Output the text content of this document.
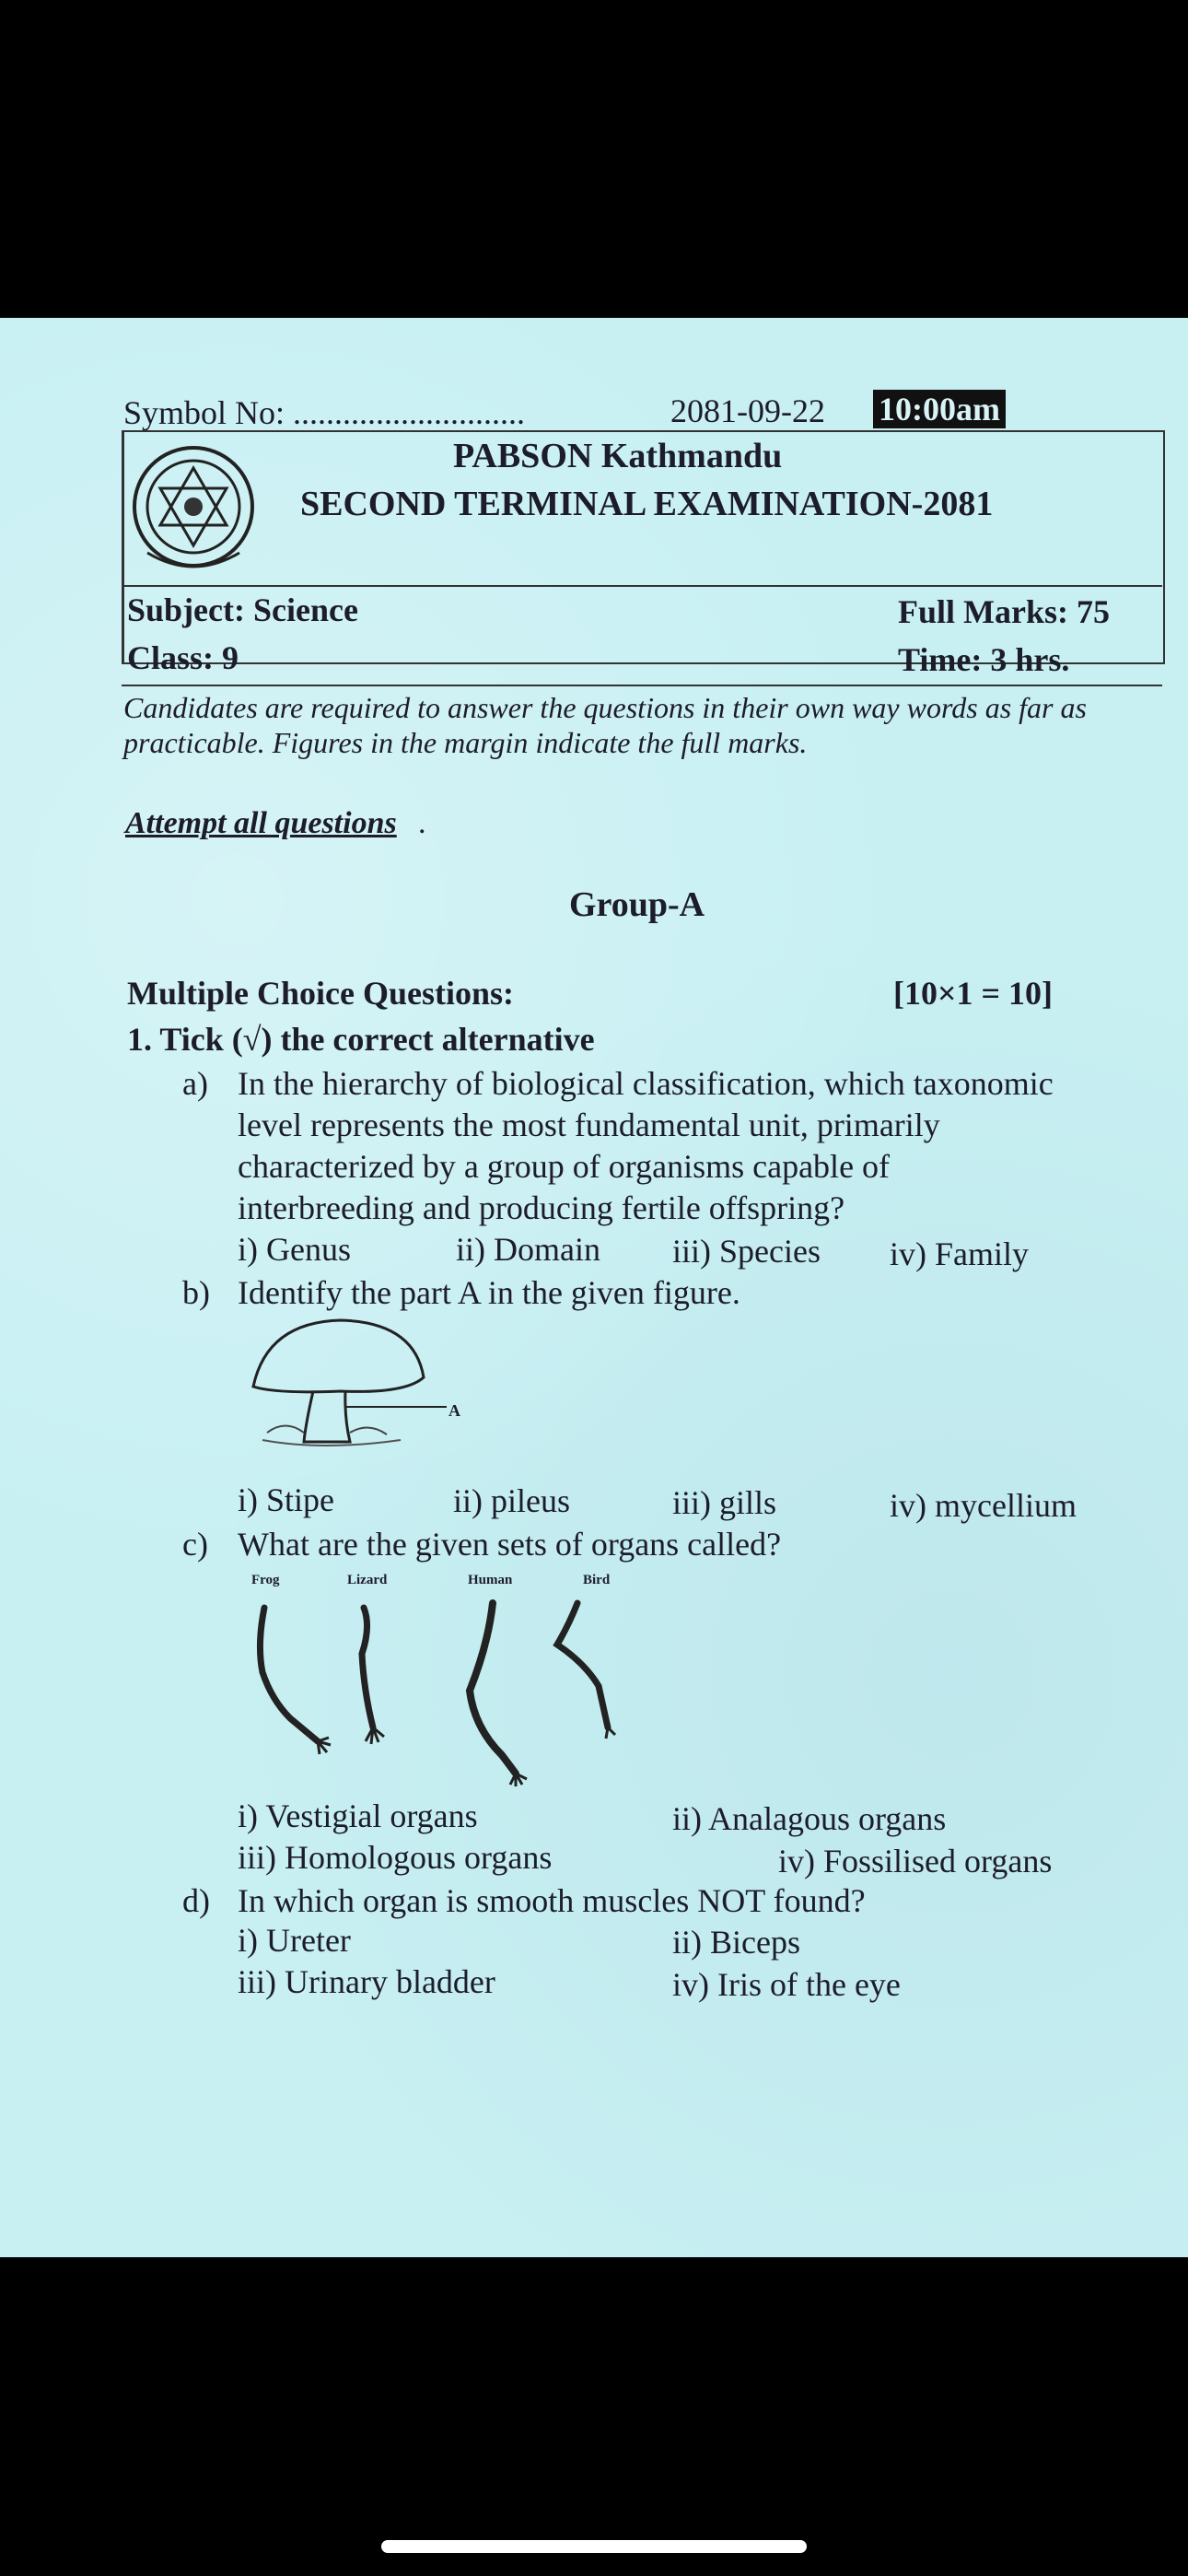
Symbol No: ............................	2081-09-22 10:00am
PABSON Kathmandu
SECOND TERMINAL EXAMINATION-2081
Subject: Science	Full Marks: 75
Class: 9	Time: 3 hrs.
Candidates are required to answer the questions in their own way words as far as
practicable. Figures in the margin indicate the full marks.
Attempt all questions .
Group-A
Multiple Choice Questions:	[10×1 = 10]
1. Tick (√) the correct alternative
a) In the hierarchy of biological classification, which taxonomic
level represents the most fundamental unit, primarily
characterized by a group of organisms capable of
interbreeding and producing fertile offspring?
i) Genus	ii) Domain iii) Species iv) Family
b) Identify the part A in the given figure.
A
i) Stipe	ii) pileus	iii) gills	iv) mycellium
c) What are the given sets of organs called?
Frog	Lizard	Human	Bird
i) Vestigial organs	ii) Analagous organs
iii) Homologous organs	iv) Fossilised organs
d) In which organ is smooth muscles NOT found?
i) Ureter	ii) Biceps
iii) Urinary bladder	iv) Iris of the eye
